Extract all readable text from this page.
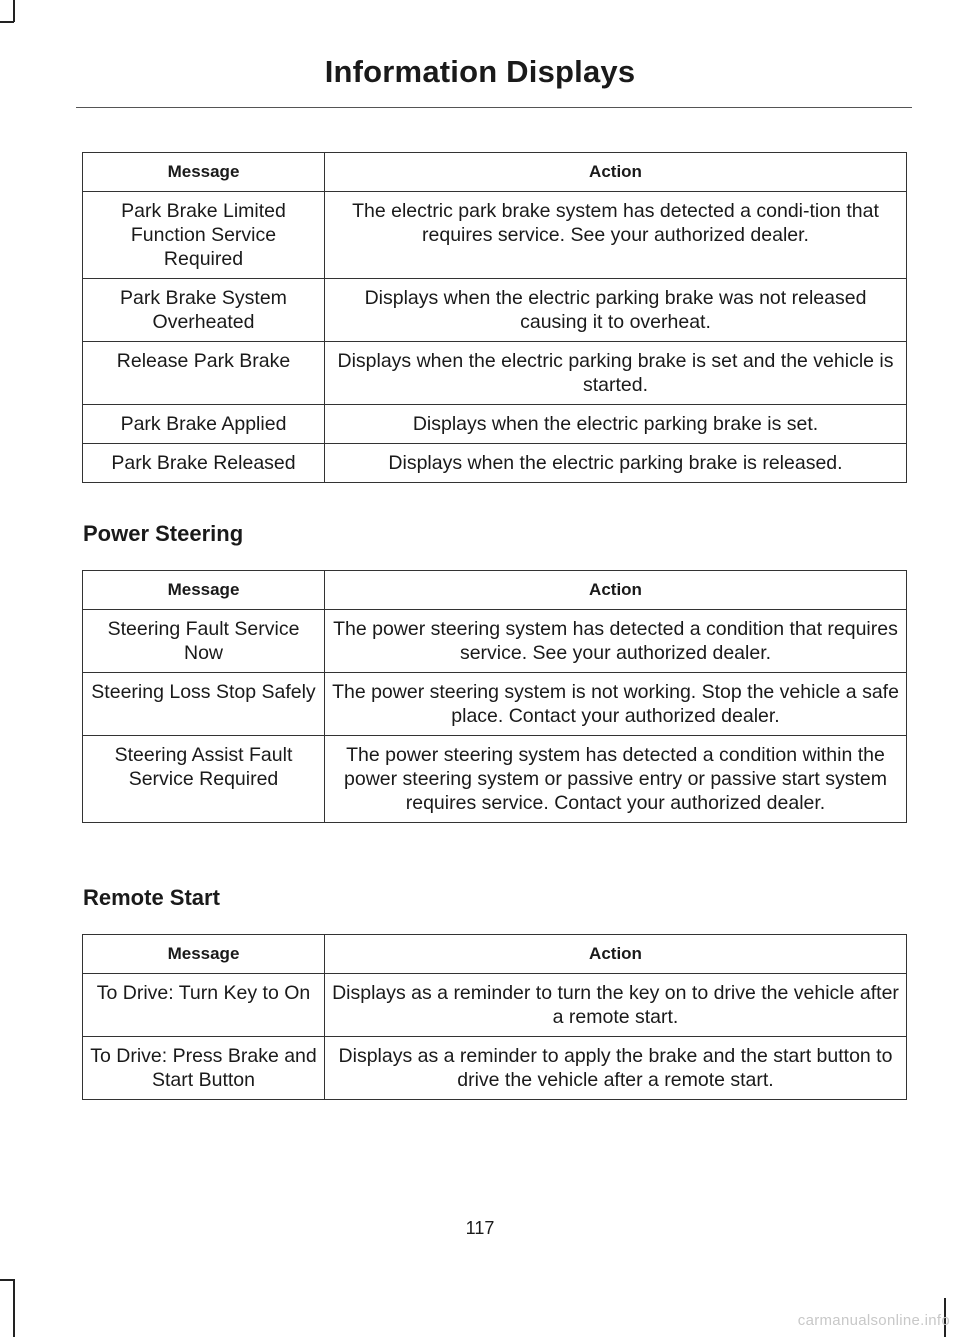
Information Displays
Message	Action
Park Brake Limited Function Service Required	The electric park brake system has detected a condi-tion that requires service. See your authorized dealer.
Park Brake System Overheated	Displays when the electric parking brake was not released causing it to overheat.
Release Park Brake	Displays when the electric parking brake is set and the vehicle is started.
Park Brake Applied	Displays when the electric parking brake is set.
Park Brake Released	Displays when the electric parking brake is released.
Power Steering
Message	Action
Steering Fault Service Now	The power steering system has detected a condition that requires service. See your authorized dealer.
Steering Loss Stop Safely	The power steering system is not working. Stop the vehicle a safe place. Contact your authorized dealer.
Steering Assist Fault Service Required	The power steering system has detected a condition within the power steering system or passive entry or passive start system requires service. Contact your authorized dealer.
Remote Start
Message	Action
To Drive: Turn Key to On	Displays as a reminder to turn the key on to drive the vehicle after a remote start.
To Drive: Press Brake and Start Button	Displays as a reminder to apply the brake and the start button to drive the vehicle after a remote start.
117
carmanualsonline.info
